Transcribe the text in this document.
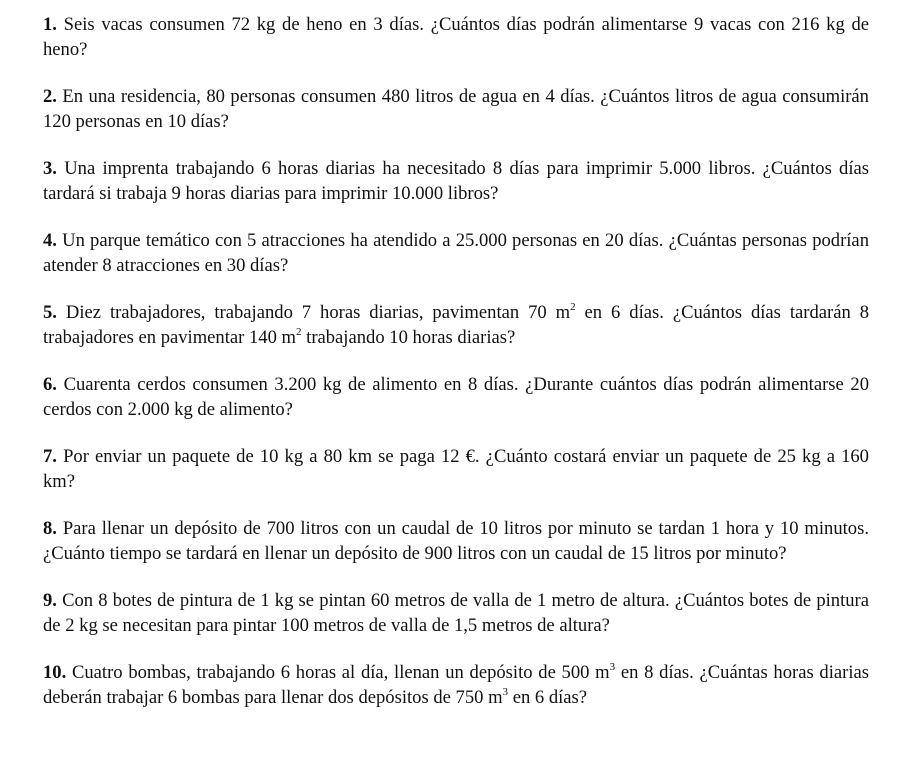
1. Seis vacas consumen 72 kg de heno en 3 días. ¿Cuántos días podrán alimentarse 9 vacas con 216 kg de heno?

2. En una residencia, 80 personas consumen 480 litros de agua en 4 días. ¿Cuántos litros de agua consumirán 120 personas en 10 días?

3. Una imprenta trabajando 6 horas diarias ha necesitado 8 días para imprimir 5.000 libros. ¿Cuántos días tardará si trabaja 9 horas diarias para imprimir 10.000 libros?

4. Un parque temático con 5 atracciones ha atendido a 25.000 personas en 20 días. ¿Cuántas personas podrían atender 8 atracciones en 30 días?

5. Diez trabajadores, trabajando 7 horas diarias, pavimentan 70 $m^2$ en 6 días. ¿Cuántos días tardarán 8 trabajadores en pavimentar 140 $m^2$ trabajando 10 horas diarias?

6. Cuarenta cerdos consumen 3.200 kg de alimento en 8 días. ¿Durante cuántos días podrán alimentarse 20 cerdos con 2.000 kg de alimento?

7. Por enviar un paquete de 10 kg a 80 km se paga 12 €. ¿Cuánto costará enviar un paquete de 25 kg a 160 km?

8. Para llenar un depósito de 700 litros con un caudal de 10 litros por minuto se tardan 1 hora y 10 minutos. ¿Cuánto tiempo se tardará en llenar un depósito de 900 litros con un caudal de 15 litros por minuto?

9. Con 8 botes de pintura de 1 kg se pintan 60 metros de valla de 1 metro de altura. ¿Cuántos botes de pintura de 2 kg se necesitan para pintar 100 metros de valla de 1,5 metros de altura?

10. Cuatro bombas, trabajando 6 horas al día, llenan un depósito de 500 $m^3$ en 8 días. ¿Cuántas horas diarias deberán trabajar 6 bombas para llenar dos depósitos de 750 $m^3$ en 6 días?
